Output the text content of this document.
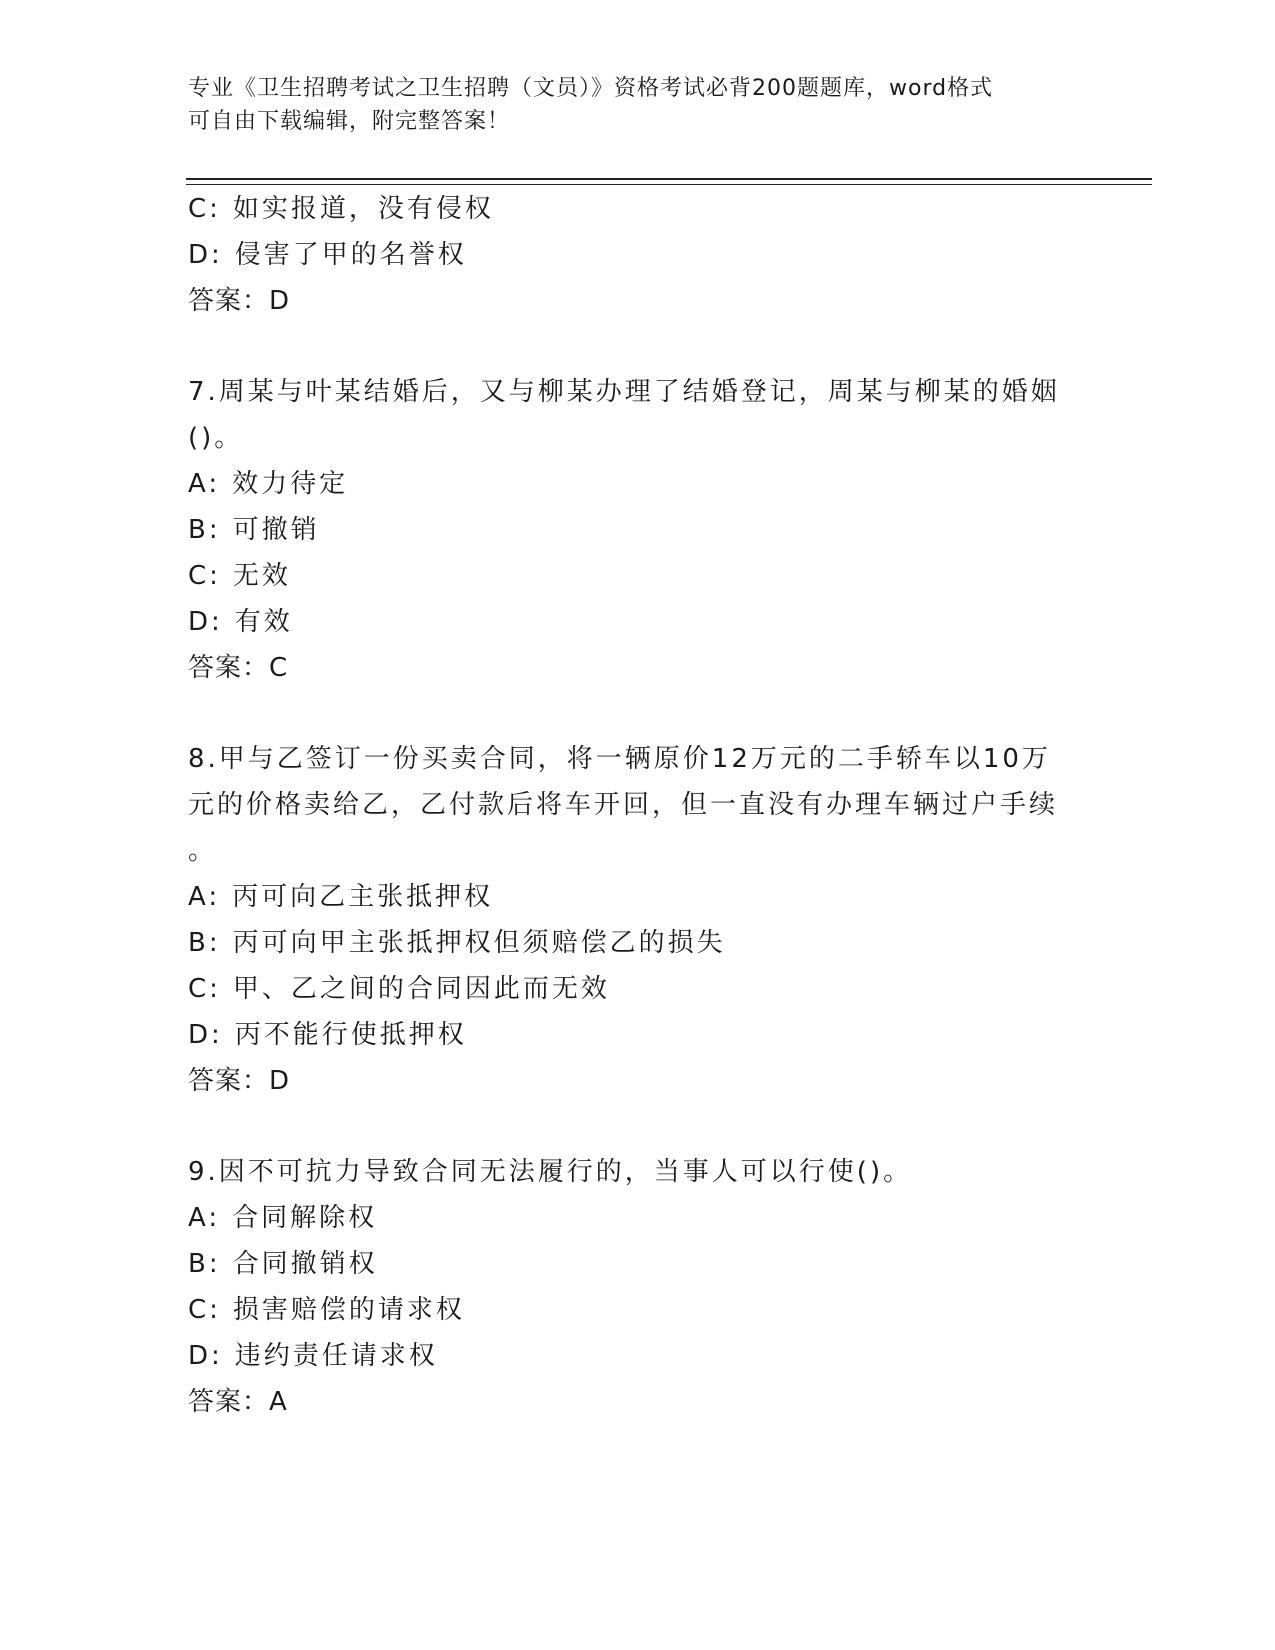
专业《卫生招聘考试之卫生招聘（文员）》资格考试必背200题题库，word格式
可自由下载编辑，附完整答案！
C: 如实报道，没有侵权
D: 侵害了甲的名誉权
答案：D
7.周某与叶某结婚后，又与柳某办理了结婚登记，周某与柳某的婚姻
()。
A: 效力待定
B: 可撤销
C: 无效
D: 有效
答案：C
8.甲与乙签订一份买卖合同，将一辆原价12万元的二手轿车以10万
元的价格卖给乙，乙付款后将车开回，但一直没有办理车辆过户手续
。
A: 丙可向乙主张抵押权
B: 丙可向甲主张抵押权但须赔偿乙的损失
C: 甲、乙之间的合同因此而无效
D: 丙不能行使抵押权
答案：D
9.因不可抗力导致合同无法履行的，当事人可以行使()。
A: 合同解除权
B: 合同撤销权
C: 损害赔偿的请求权
D: 违约责任请求权
答案：A
